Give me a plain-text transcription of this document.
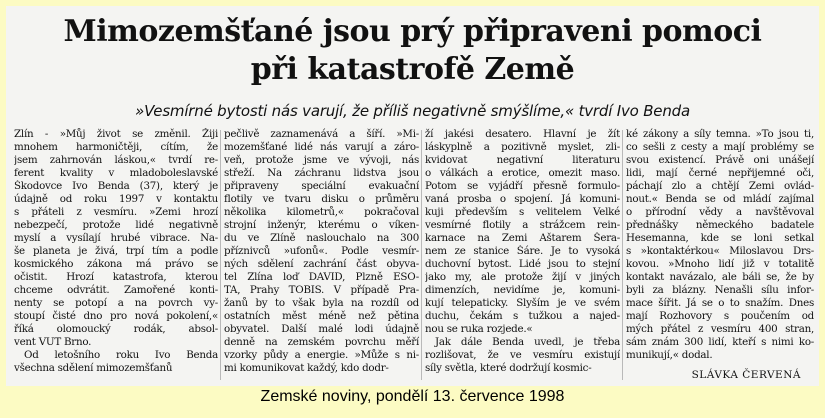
Mimozemšťané jsou prý připraveni pomoci
při katastrofě Země
»Vesmírné bytosti nás varují, že příliš negativně smýšlíme,« tvrdí Ivo Benda
Zlín - »Můj život se změnil. Žiji
mnohem harmoničtěji, cítím, že
jsem zahrnován láskou,« tvrdí re-
ferent kvality v mladoboleslavské
Škodovce Ivo Benda (37), který je
údajně od roku 1997 v kontaktu
s přáteli z vesmíru. »Zemi hrozí
nebezpečí, protože lidé negativně
myslí a vysílají hrubé vibrace. Na-
še planeta je živá, trpí tím a podle
kosmického zákona má právo se
očistit. Hrozí katastrofa, kterou
chceme odvrátit. Zamořené konti-
nenty se potopí a na povrch vy-
stoupí čisté dno pro nová pokolení,«
říká olomoucký rodák, absol-
vent VUT Brno.
Od letošního roku Ivo Benda
všechna sdělení mimozemšťanů
pečlivě zaznamenává a šíří. »Mi-
mozemšťané lidé nás varují a záro-
veň, protože jsme ve vývoji, nás
střeží. Na záchranu lidstva jsou
připraveny speciální evakuační
flotily ve tvaru disku o průměru
několika kilometrů,« pokračoval
strojní inženýr, kterému o víken-
du ve Zlíně naslouchalo na 300
příznivců »ufonů«. Podle vesmír-
ných sdělení zachrání část obyva-
tel Zlína loď DAVID, Plzně ESO-
TA, Prahy TOBIS. V případě Pra-
žanů by to však byla na rozdíl od
ostatních měst méně než pětina
obyvatel. Další malé lodi údajně
denně na zemském povrchu měří
vzorky půdy a energie. »Může s ni-
mi komunikovat každý, kdo dodr-
ží jakési desatero. Hlavní je žít
láskyplně a pozitivně myslet, zli-
kvidovat negativní literaturu
o válkách a erotice, omezit maso.
Potom se vyjádří přesně formulo-
vaná prosba o spojení. Já komuni-
kuji především s velitelem Velké
vesmírné flotily a strážcem rein-
karnace na Zemi Aštarem Šera-
nem ze stanice Šáre. Je to vysoká
duchovní bytost. Lidé jsou to stejní
jako my, ale protože žijí v jiných
dimenzích, nevidíme je, komuni-
kují telepaticky. Slyším je ve svém
duchu, čekám s tužkou a najed-
nou se rukа rozjede.«
Jak dále Benda uvedl, je třeba
rozlišovat, že ve vesmíru existují
síly světla, které dodržují kosmic-
ké zákony a síly temna. »To jsou ti,
co sešli z cesty a mají problémy se
svou existencí. Právě oni unášejí
lidi, mají černé nepřijemné oči,
páchají zlo a chtějí Zemi ovlád-
nout.« Benda se od mládí zajímal
o přírodní vědy a navštěvoval
přednášky německého badatele
Hesemanna, kde se loni setkal
s »kontaktérkou« Miloslavou Drs-
kovou. »Mnoho lidí již v totalitě
kontakt navázalo, ale báli se, že by
byli za blázny. Nenašli sílu infor-
mace šířit. Já se o to snažím. Dnes
mají Rozhovory s poučením od
mých přátel z vesmíru 400 stran,
sám znám 300 lidí, kteří s nimi ko-
munikují,« dodal.
SLÁVKA ČERVENÁ
Zemské noviny, pondělí 13. července 1998
